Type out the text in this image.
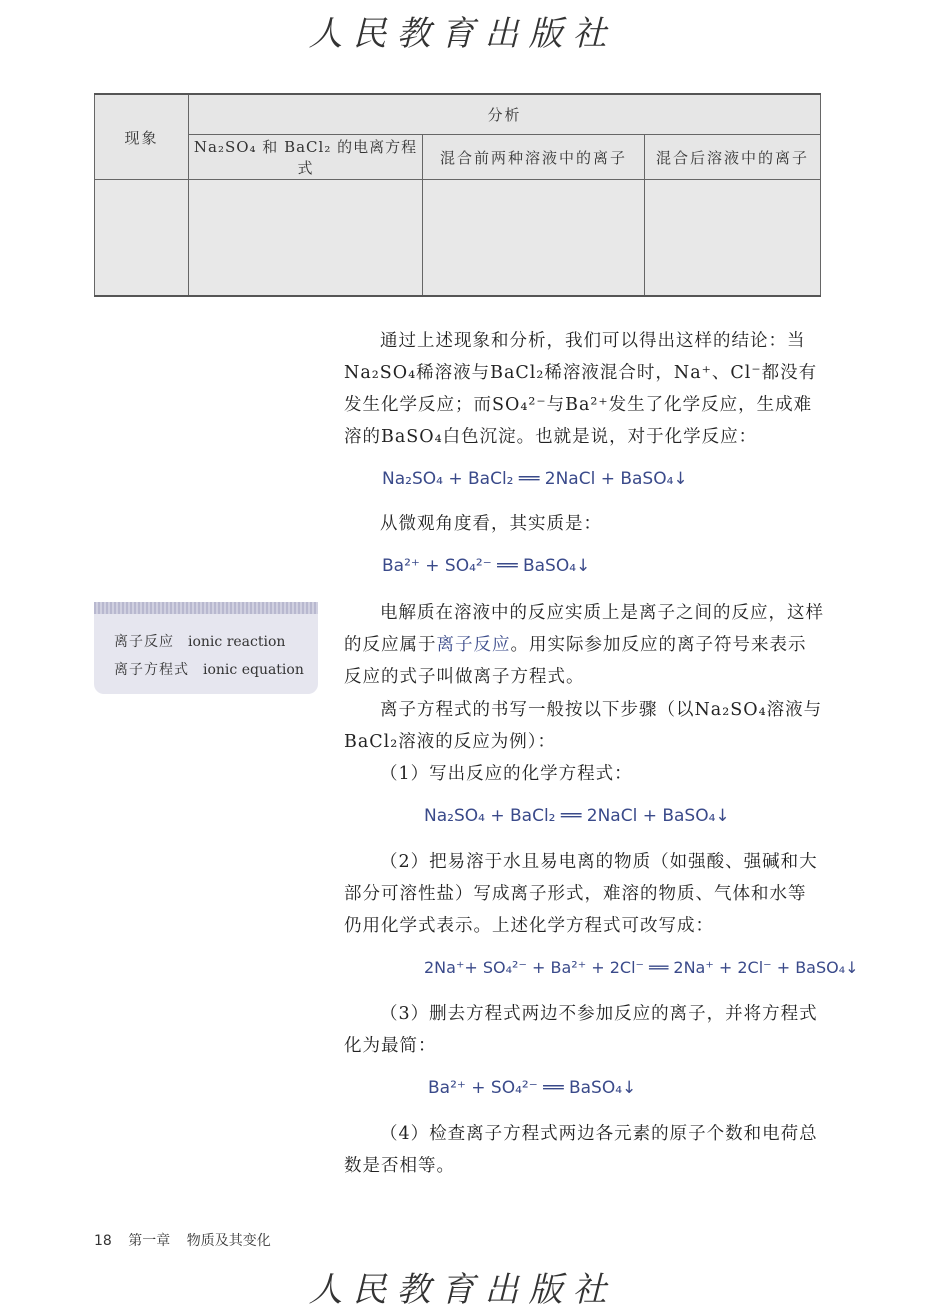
人民教育出版社
现象	分析		
	Na₂SO₄ 和 BaCl₂ 的电离方程式	混合前两种溶液中的离子	混合后溶液中的离子

通过上述现象和分析，我们可以得出这样的结论：当Na₂SO₄稀溶液与BaCl₂稀溶液混合时，Na⁺、Cl⁻都没有发生化学反应；而SO₄²⁻与Ba²⁺发生了化学反应，生成难溶的BaSO₄白色沉淀。也就是说，对于化学反应：

Na₂SO₄ + BaCl₂ ══ 2NaCl + BaSO₄↓

从微观角度看，其实质是：

Ba²⁺ + SO₄²⁻ ══ BaSO₄↓
离子反应 ionic reaction
离子方程式 ionic equation

电解质在溶液中的反应实质上是离子之间的反应，这样的反应属于离子反应。用实际参加反应的离子符号来表示反应的式子叫做离子方程式。

离子方程式的书写一般按以下步骤（以Na₂SO₄溶液与BaCl₂溶液的反应为例）：

（1）写出反应的化学方程式：

Na₂SO₄ + BaCl₂ ══ 2NaCl + BaSO₄↓

（2）把易溶于水且易电离的物质（如强酸、强碱和大部分可溶性盐）写成离子形式，难溶的物质、气体和水等仍用化学式表示。上述化学方程式可改写成：

2Na⁺+ SO₄²⁻ + Ba²⁺ + 2Cl⁻ ══ 2Na⁺ + 2Cl⁻ + BaSO₄↓

（3）删去方程式两边不参加反应的离子，并将方程式化为最简：

Ba²⁺ + SO₄²⁻ ══ BaSO₄↓

（4）检查离子方程式两边各元素的原子个数和电荷总数是否相等。

18 第一章 物质及其变化
人民教育出版社
